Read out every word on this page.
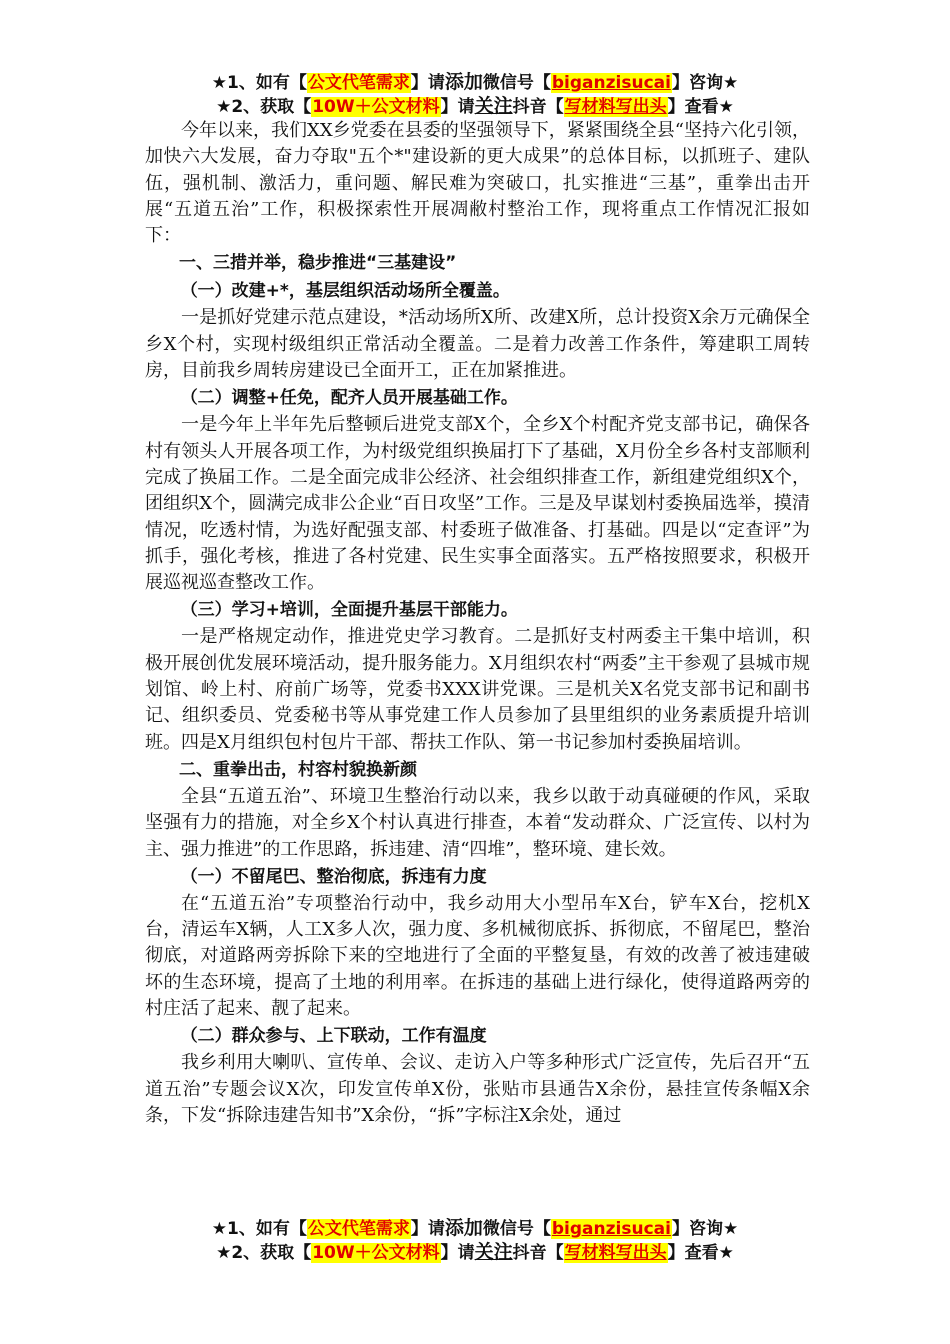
★1、如有【公文代笔需求】请添加微信号【biganzisucai】咨询★
★2、获取【10W＋公文材料】请关注抖音【写材料写出头】查看★

今年以来，我们XX乡党委在县委的坚强领导下，紧紧围绕全县“坚持六化引领，加快六大发展，奋力夺取"五个*"建设新的更大成果”的总体目标，以抓班子、建队伍，强机制、激活力，重问题、解民难为突破口，扎实推进“三基”，重拳出击开展“五道五治”工作，积极探索性开展凋敝村整治工作，现将重点工作情况汇报如下：

一、三措并举，稳步推进“三基建设”
（一）改建+*，基层组织活动场所全覆盖。

一是抓好党建示范点建设，*活动场所X所、改建X所，总计投资X余万元确保全乡X个村，实现村级组织正常活动全覆盖。二是着力改善工作条件，筹建职工周转房，目前我乡周转房建设已全面开工，正在加紧推进。

（二）调整+任免，配齐人员开展基础工作。

一是今年上半年先后整顿后进党支部X个，全乡X个村配齐党支部书记，确保各村有领头人开展各项工作，为村级党组织换届打下了基础，X月份全乡各村支部顺利完成了换届工作。二是全面完成非公经济、社会组织排查工作，新组建党组织X个，团组织X个，圆满完成非公企业“百日攻坚”工作。三是及早谋划村委换届选举，摸清情况，吃透村情，为选好配强支部、村委班子做准备、打基础。四是以“定查评”为抓手，强化考核，推进了各村党建、民生实事全面落实。五严格按照要求，积极开展巡视巡查整改工作。

（三）学习+培训，全面提升基层干部能力。

一是严格规定动作，推进党史学习教育。二是抓好支村两委主干集中培训，积极开展创优发展环境活动，提升服务能力。X月组织农村“两委”主干参观了县城市规划馆、岭上村、府前广场等，党委书XXX讲党课。三是机关X名党支部书记和副书记、组织委员、党委秘书等从事党建工作人员参加了县里组织的业务素质提升培训班。四是X月组织包村包片干部、帮扶工作队、第一书记参加村委换届培训。

二、重拳出击，村容村貌换新颜

全县“五道五治”、环境卫生整治行动以来，我乡以敢于动真碰硬的作风，采取坚强有力的措施，对全乡X个村认真进行排查，本着“发动群众、广泛宣传、以村为主、强力推进”的工作思路，拆违建、清“四堆”，整环境、建长效。

（一）不留尾巴、整治彻底，拆违有力度

在“五道五治”专项整治行动中，我乡动用大小型吊车X台，铲车X台，挖机X台，清运车X辆，人工X多人次，强力度、多机械彻底拆、拆彻底，不留尾巴，整治彻底，对道路两旁拆除下来的空地进行了全面的平整复垦，有效的改善了被违建破坏的生态环境，提高了土地的利用率。在拆违的基础上进行绿化，使得道路两旁的村庄活了起来、靓了起来。

（二）群众参与、上下联动，工作有温度

我乡利用大喇叭、宣传单、会议、走访入户等多种形式广泛宣传，先后召开“五道五治”专题会议X次，印发宣传单X份，张贴市县通告X余份，悬挂宣传条幅X余条，下发“拆除违建告知书”X余份，“拆”字标注X余处，通过

★1、如有【公文代笔需求】请添加微信号【biganzisucai】咨询★
★2、获取【10W＋公文材料】请关注抖音【写材料写出头】查看★
